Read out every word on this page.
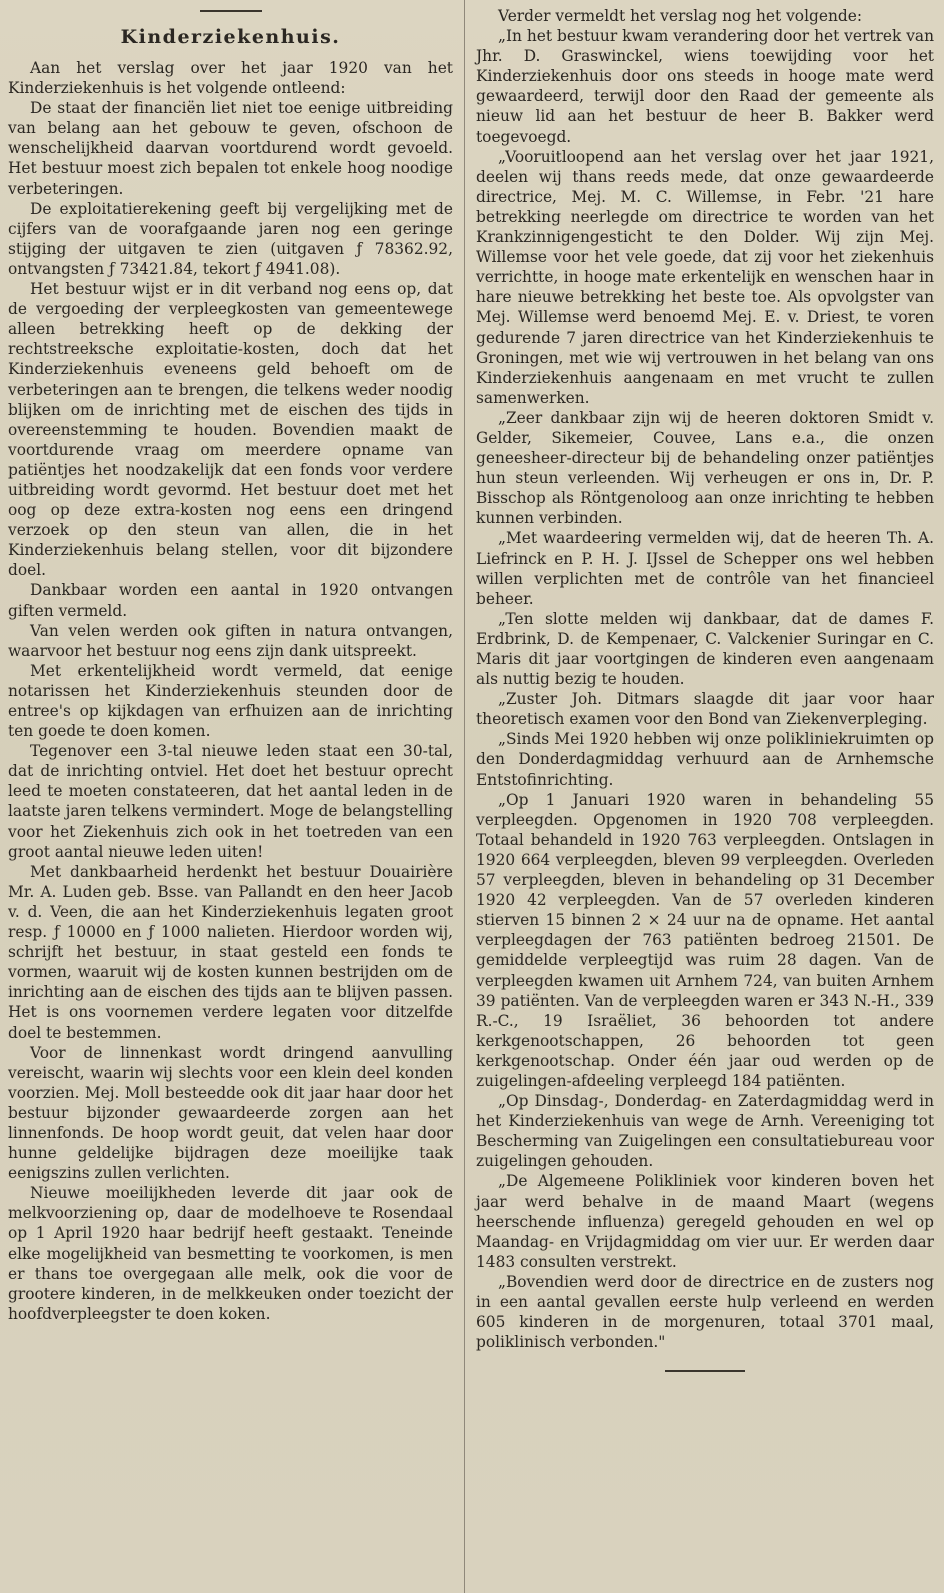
Kinderziekenhuis.

Aan het verslag over het jaar 1920 van het Kinderziekenhuis is het volgende ontleend:

De staat der financiën liet niet toe eenige uitbreiding van belang aan het gebouw te geven, ofschoon de wenschelijkheid daarvan voortdurend wordt gevoeld. Het bestuur moest zich bepalen tot enkele hoog noodige verbeteringen.

De exploitatierekening geeft bij vergelijking met de cijfers van de voorafgaande jaren nog een geringe stijging der uitgaven te zien (uitgaven ƒ 78362.92, ontvangsten ƒ 73421.84, tekort ƒ 4941.08).

Het bestuur wijst er in dit verband nog eens op, dat de vergoeding der verpleegkosten van gemeentewege alleen betrekking heeft op de dekking der rechtstreeksche exploitatie-kosten, doch dat het Kinderziekenhuis eveneens geld behoeft om de verbeteringen aan te brengen, die telkens weder noodig blijken om de inrichting met de eischen des tijds in overeenstemming te houden. Bovendien maakt de voortdurende vraag om meerdere opname van patiëntjes het noodzakelijk dat een fonds voor verdere uitbreiding wordt gevormd. Het bestuur doet met het oog op deze extra-kosten nog eens een dringend verzoek op den steun van allen, die in het Kinderziekenhuis belang stellen, voor dit bijzondere doel.

Dankbaar worden een aantal in 1920 ontvangen giften vermeld.

Van velen werden ook giften in natura ontvangen, waarvoor het bestuur nog eens zijn dank uitspreekt.

Met erkentelijkheid wordt vermeld, dat eenige notarissen het Kinderziekenhuis steunden door de entree's op kijkdagen van erfhuizen aan de inrichting ten goede te doen komen.

Tegenover een 3-tal nieuwe leden staat een 30-tal, dat de inrichting ontviel. Het doet het bestuur oprecht leed te moeten constateeren, dat het aantal leden in de laatste jaren telkens vermindert. Moge de belangstelling voor het Ziekenhuis zich ook in het toetreden van een groot aantal nieuwe leden uiten!

Met dankbaarheid herdenkt het bestuur Douairière Mr. A. Luden geb. Bsse. van Pallandt en den heer Jacob v. d. Veen, die aan het Kinderziekenhuis legaten groot resp. ƒ 10000 en ƒ 1000 nalieten. Hierdoor worden wij, schrijft het bestuur, in staat gesteld een fonds te vormen, waaruit wij de kosten kunnen bestrijden om de inrichting aan de eischen des tijds aan te blijven passen. Het is ons voornemen verdere legaten voor ditzelfde doel te bestemmen.

Voor de linnenkast wordt dringend aanvulling vereischt, waarin wij slechts voor een klein deel konden voorzien. Mej. Moll besteedde ook dit jaar haar door het bestuur bijzonder gewaardeerde zorgen aan het linnenfonds. De hoop wordt geuit, dat velen haar door hunne geldelijke bijdragen deze moeilijke taak eenigszins zullen verlichten.

Nieuwe moeilijkheden leverde dit jaar ook de melkvoorziening op, daar de modelhoeve te Rosendaal op 1 April 1920 haar bedrijf heeft gestaakt. Teneinde elke mogelijkheid van besmetting te voorkomen, is men er thans toe overgegaan alle melk, ook die voor de grootere kinderen, in de melkkeuken onder toezicht der hoofdverpleegster te doen koken.

Verder vermeldt het verslag nog het volgende:

„In het bestuur kwam verandering door het vertrek van Jhr. D. Graswinckel, wiens toewijding voor het Kinderziekenhuis door ons steeds in hooge mate werd gewaardeerd, terwijl door den Raad der gemeente als nieuw lid aan het bestuur de heer B. Bakker werd toegevoegd.

„Vooruitloopend aan het verslag over het jaar 1921, deelen wij thans reeds mede, dat onze gewaardeerde directrice, Mej. M. C. Willemse, in Febr. '21 hare betrekking neerlegde om directrice te worden van het Krankzinnigengesticht te den Dolder. Wij zijn Mej. Willemse voor het vele goede, dat zij voor het ziekenhuis verrichtte, in hooge mate erkentelijk en wenschen haar in hare nieuwe betrekking het beste toe. Als opvolgster van Mej. Willemse werd benoemd Mej. E. v. Driest, te voren gedurende 7 jaren directrice van het Kinderziekenhuis te Groningen, met wie wij vertrouwen in het belang van ons Kinderziekenhuis aangenaam en met vrucht te zullen samenwerken.

„Zeer dankbaar zijn wij de heeren doktoren Smidt v. Gelder, Sikemeier, Couvee, Lans e.a., die onzen geneesheer-directeur bij de behandeling onzer patiëntjes hun steun verleenden. Wij verheugen er ons in, Dr. P. Bisschop als Röntgenoloog aan onze inrichting te hebben kunnen verbinden.

„Met waardeering vermelden wij, dat de heeren Th. A. Liefrinck en P. H. J. IJssel de Schepper ons wel hebben willen verplichten met de contrôle van het financieel beheer.

„Ten slotte melden wij dankbaar, dat de dames F. Erdbrink, D. de Kempenaer, C. Valckenier Suringar en C. Maris dit jaar voortgingen de kinderen even aangenaam als nuttig bezig te houden.

„Zuster Joh. Ditmars slaagde dit jaar voor haar theoretisch examen voor den Bond van Ziekenverpleging.

„Sinds Mei 1920 hebben wij onze polikliniekruimten op den Donderdagmiddag verhuurd aan de Arnhemsche Entstofinrichting.

„Op 1 Januari 1920 waren in behandeling 55 verpleegden. Opgenomen in 1920 708 verpleegden. Totaal behandeld in 1920 763 verpleegden. Ontslagen in 1920 664 verpleegden, bleven 99 verpleegden. Overleden 57 verpleegden, bleven in behandeling op 31 December 1920 42 verpleegden. Van de 57 overleden kinderen stierven 15 binnen 2 × 24 uur na de opname. Het aantal verpleegdagen der 763 patiënten bedroeg 21501. De gemiddelde verpleegtijd was ruim 28 dagen. Van de verpleegden kwamen uit Arnhem 724, van buiten Arnhem 39 patiënten. Van de verpleegden waren er 343 N.-H., 339 R.-C., 19 Israëliet, 36 behoorden tot andere kerkgenootschappen, 26 behoorden tot geen kerkgenootschap. Onder één jaar oud werden op de zuigelingen-afdeeling verpleegd 184 patiënten.

„Op Dinsdag-, Donderdag- en Zaterdagmiddag werd in het Kinderziekenhuis van wege de Arnh. Vereeniging tot Bescherming van Zuigelingen een consultatiebureau voor zuigelingen gehouden.

„De Algemeene Polikliniek voor kinderen boven het jaar werd behalve in de maand Maart (wegens heerschende influenza) geregeld gehouden en wel op Maandag- en Vrijdagmiddag om vier uur. Er werden daar 1483 consulten verstrekt.

„Bovendien werd door de directrice en de zusters nog in een aantal gevallen eerste hulp verleend en werden 605 kinderen in de morgenuren, totaal 3701 maal, poliklinisch verbonden."
